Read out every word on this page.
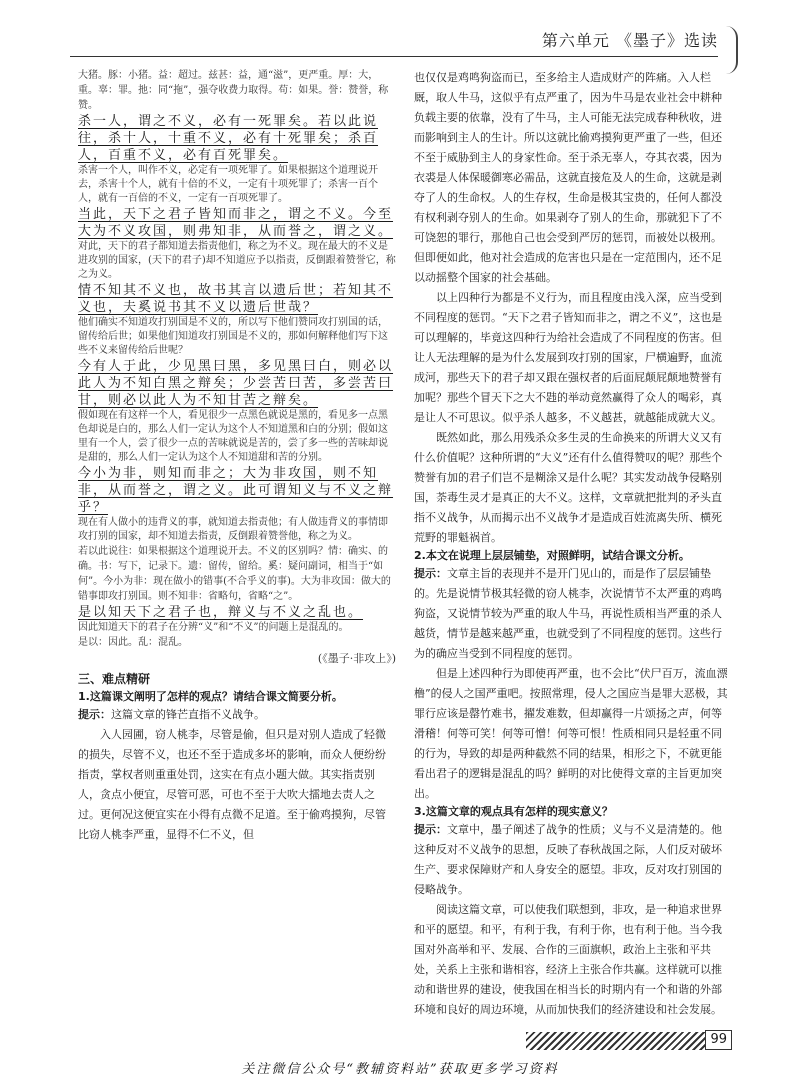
第六单元 《墨子》选读

大猪。豚：小猪。益：超过。兹甚：益，通“滋”，更严重。厚：大，重。辜：罪。扡：同“拖”，强夺收费力取得。苟：如果。誉：赞誉，称赞。

杀一人，谓之不义，必有一死罪矣。若以此说往，杀十人，十重不义，必有十死罪矣；杀百人，百重不义，必有百死罪矣。

杀害一个人，叫作不义，必定有一项死罪了。如果根据这个道理说开去，杀害十个人，就有十倍的不义，一定有十项死罪了；杀害一百个人，就有一百倍的不义，一定有一百项死罪了。

当此，天下之君子皆知而非之，谓之不义。今至大为不义攻国，则弗知非，从而誉之，谓之义。

对此，天下的君子都知道去指责他们，称之为不义。现在最大的不义是进攻别的国家，(天下的君子)却不知道应予以指责，反倒跟着赞誉它，称之为义。

情不知其不义也，故书其言以遗后世；若知其不义也，夫奚说书其不义以遗后世哉？

他们确实不知道攻打别国是不义的，所以写下他们赞同攻打别国的话，留传给后世；如果他们知道攻打别国是不义的，那如何解释他们写下这些不义来留传给后世呢？

今有人于此，少见黑曰黑，多见黑曰白，则必以此人为不知白黑之辩矣；少尝苦曰苦，多尝苦曰甘，则必以此人为不知甘苦之辩矣。

假如现在有这样一个人，看见很少一点黑色就说是黑的，看见多一点黑色却说是白的，那么人们一定认为这个人不知道黑和白的分别；假如这里有一个人，尝了很少一点的苦味就说是苦的，尝了多一些的苦味却说是甜的，那么人们一定认为这个人不知道甜和苦的分别。

今小为非，则知而非之；大为非攻国，则不知非，从而誉之，谓之义。此可谓知义与不义之辩乎？

现在有人做小的违背义的事，就知道去指责他；有人做违背义的事情即攻打别的国家，却不知道去指责，反倒跟着赞誉他，称之为义。

若以此说往：如果根据这个道理说开去。不义的区别吗？情：确实、的确。书：写下，记录下。遗：留传，留给。奚：疑问副词，相当于“如何”。今小为非：现在做小的错事(不合乎义的事)。大为非攻国：做大的错事即攻打别国。则不知非：省略句，省略“之”。

是以知天下之君子也，辩义与不义之乱也。

因此知道天下的君子在分辨“义”和“不义”的问题上是混乱的。

是以：因此。乱：混乱。

(《墨子·非攻上》)

三、难点精研

1.这篇课文阐明了怎样的观点？请结合课文简要分析。

提示：这篇文章的锋芒直指不义战争。

入人园圃，窃人桃李，尽管是偷，但只是对别人造成了轻微的损失，尽管不义，也还不至于造成多坏的影响，而众人便纷纷指责，掌权者则重重处罚，这实在有点小题大做。其实指责别人，贪点小便宜，尽管可恶，可也不至于大吹大擂地去责人之过。更何况这便宜实在小得有点微不足道。至于偷鸡摸狗，尽管比窃人桃李严重，显得不仁不义，但

也仅仅是鸡鸣狗盗而已，至多给主人造成财产的阵痛。入人栏厩，取人牛马，这似乎有点严重了，因为牛马是农业社会中耕种负载主要的依靠，没有了牛马，主人可能无法完成春种秋收，进而影响到主人的生计。所以这就比偷鸡摸狗更严重了一些，但还不至于威胁到主人的身家性命。至于杀无辜人，夺其衣裘，因为衣裘是人体保暖御寒必需品，这就直接危及人的生命，这就是剥夺了人的生命权。人的生存权，生命是极其宝贵的，任何人都没有权利剥夺别人的生命。如果剥夺了别人的生命，那就犯下了不可饶恕的罪行，那他自己也会受到严厉的惩罚，而被处以极刑。但即便如此，他对社会造成的危害也只是在一定范围内，还不足以动摇整个国家的社会基础。

以上四种行为都是不义行为，而且程度由浅入深，应当受到不同程度的惩罚。“天下之君子皆知而非之，谓之不义”，这也是可以理解的，毕竟这四种行为给社会造成了不同程度的伤害。但让人无法理解的是为什么发展到攻打别的国家，尸横遍野，血流成河，那些天下的君子却又跟在强权者的后面屁颠屁颠地赞誉有加呢？那些个冒天下之大不韪的举动竟然赢得了众人的喝彩，真是让人不可思议。似乎杀人越多，不义越甚，就越能成就大义。

既然如此，那么用残杀众多生灵的生命换来的所谓大义又有什么价值呢？这种所谓的“大义”还有什么值得赞叹的呢？那些个赞誉有加的君子们岂不是糊涂又是什么呢？其实发动战争侵略别国，荼毒生灵才是真正的大不义。这样，文章就把批判的矛头直指不义战争，从而揭示出不义战争才是造成百姓流离失所、横死荒野的罪魁祸首。

2.本文在说理上层层铺垫，对照鲜明，试结合课文分析。

提示：文章主旨的表现并不是开门见山的，而是作了层层铺垫的。先是说情节极其轻微的窃人桃李，次说情节不太严重的鸡鸣狗盗，又说情节较为严重的取人牛马，再说性质相当严重的杀人越货，情节是越来越严重，也就受到了不同程度的惩罚。这些行为的确应当受到不同程度的惩罚。

但是上述四种行为即使再严重，也不会比“伏尸百万，流血漂橹”的侵人之国严重吧。按照常理，侵人之国应当是罪大恶极，其罪行应该是罄竹难书，擢发难数，但却赢得一片颂扬之声，何等滑稽！何等可笑！何等可憎！何等可恨！性质相同只是轻重不同的行为，导致的却是两种截然不同的结果，相形之下，不就更能看出君子的逻辑是混乱的吗？鲜明的对比使得文章的主旨更加突出。

3.这篇文章的观点具有怎样的现实意义？

提示：文章中，墨子阐述了战争的性质；义与不义是清楚的。他这种反对不义战争的思想，反映了春秋战国之际，人们反对破坏生产、要求保障财产和人身安全的愿望。非攻，反对攻打别国的侵略战争。

阅读这篇文章，可以使我们联想到，非攻，是一种追求世界和平的愿望。和平，有利于我，有利于你，也有利于他。当今我国对外高举和平、发展、合作的三面旗帜，政治上主张和平共处，关系上主张和谐相容，经济上主张合作共赢。这样就可以推动和谐世界的建设，使我国在相当长的时期内有一个和谐的外部环境和良好的周边环境，从而加快我们的经济建设和社会发展。

99
关注微信公众号“教辅资料站”获取更多学习资料
